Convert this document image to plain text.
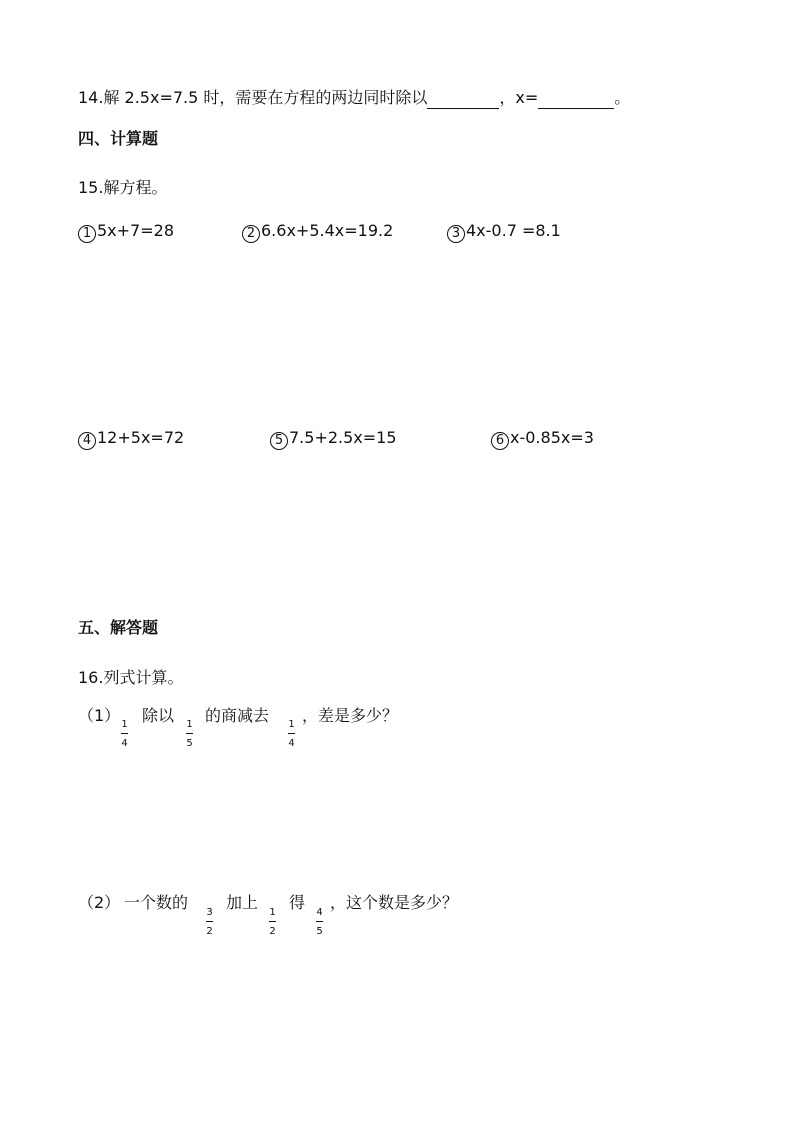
14.解 2.5x=7.5 时，需要在方程的两边同时除以	，x=	。
四、计算题
15.解方程。
1 5x+7=28	2 6.6x+5.4x=19.2	3 4x-0.7 =8.1
4 12+5x=72	5 7.5+2.5x=15	6 x-0.85x=3
五、解答题
16.列式计算。
（1） 1
4
除以 1
5
的商减去 1
4
，差是多少？
（2） 一个数的
3
2
加上
1
2
得
4
5
，这个数是多少？
